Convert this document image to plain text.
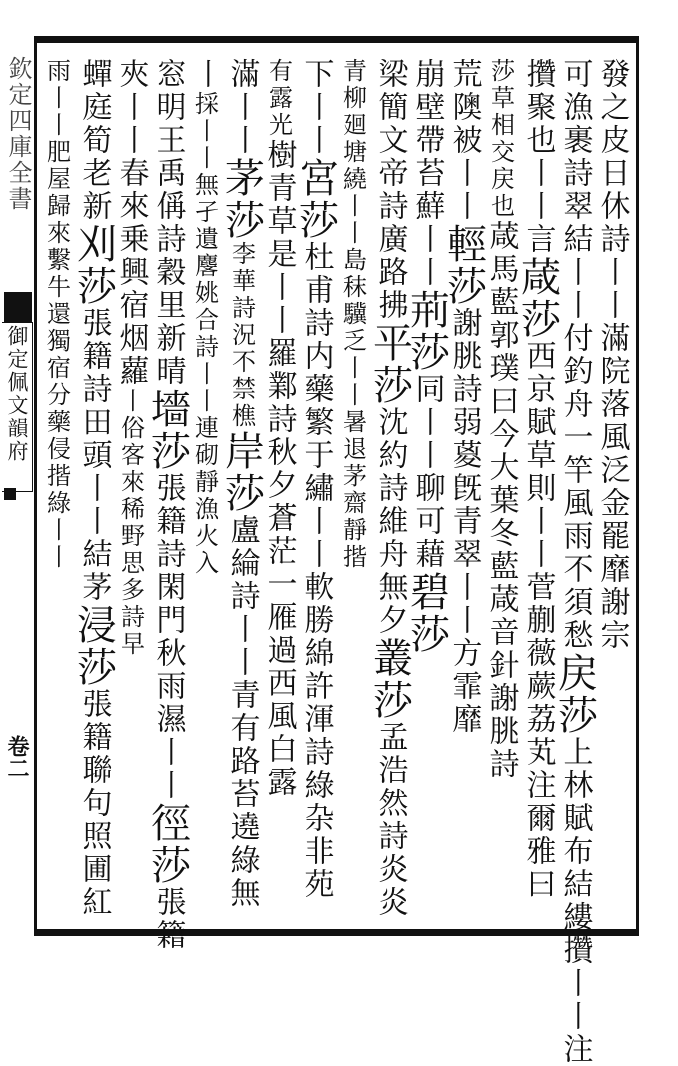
欽定四庫全書
御定佩文韻府
卷二
發之皮日休詩丨丨滿院落風泛金罷靡謝宗
可漁裹詩翠結丨丨付釣舟一竿風雨不須愁
戻莎
上林賦布結縷攢丨丨注
攢聚也丨丨言
葴莎
西京賦草則丨丨菅蒯薇蕨荔芄注爾雅曰
莎草相交戻也
葴馬藍郭璞曰今大葉冬藍葴音針謝朓詩
荒隩被丨丨
輕莎
謝朓詩弱葼旣青翠丨丨方霏靡
崩壁帶苔蘚丨丨
荊莎
同丨丨聊可藉
碧莎
梁簡文帝詩廣路拂
平莎
沈約詩維舟無夕
叢莎
孟浩然詩炎炎
青柳廻塘繞丨丨
島秣驥乏丨丨
暑退茅齋靜揩
下丨丨
宮莎
杜甫詩内藥繁于繡丨丨軟勝綿許渾詩綠杂非苑
有露光
樹青草是丨丨羅鄴詩秋夕蒼茫一雁過西風白露
滿丨丨
茅莎
李華詩況不禁樵
岸莎
盧綸詩丨丨青有路苔遶綠無
丨
採丨丨無孑遺
麐姚合詩丨丨連砌靜漁火入
窓明王禹偁詩穀里新晴
墻莎
張籍詩閑門秋雨濕丨丨
徑莎
張籍
夾丨丨春來乗興宿烟蘿
丨俗客來稀野思多
詩早
蟬庭筍老新
刈莎
張籍詩田頭丨丨結茅
浸莎
張籍聯句照圃紅
雨丨丨肥
屋歸來繫牛還獨宿
分藥侵揩綠丨丨
